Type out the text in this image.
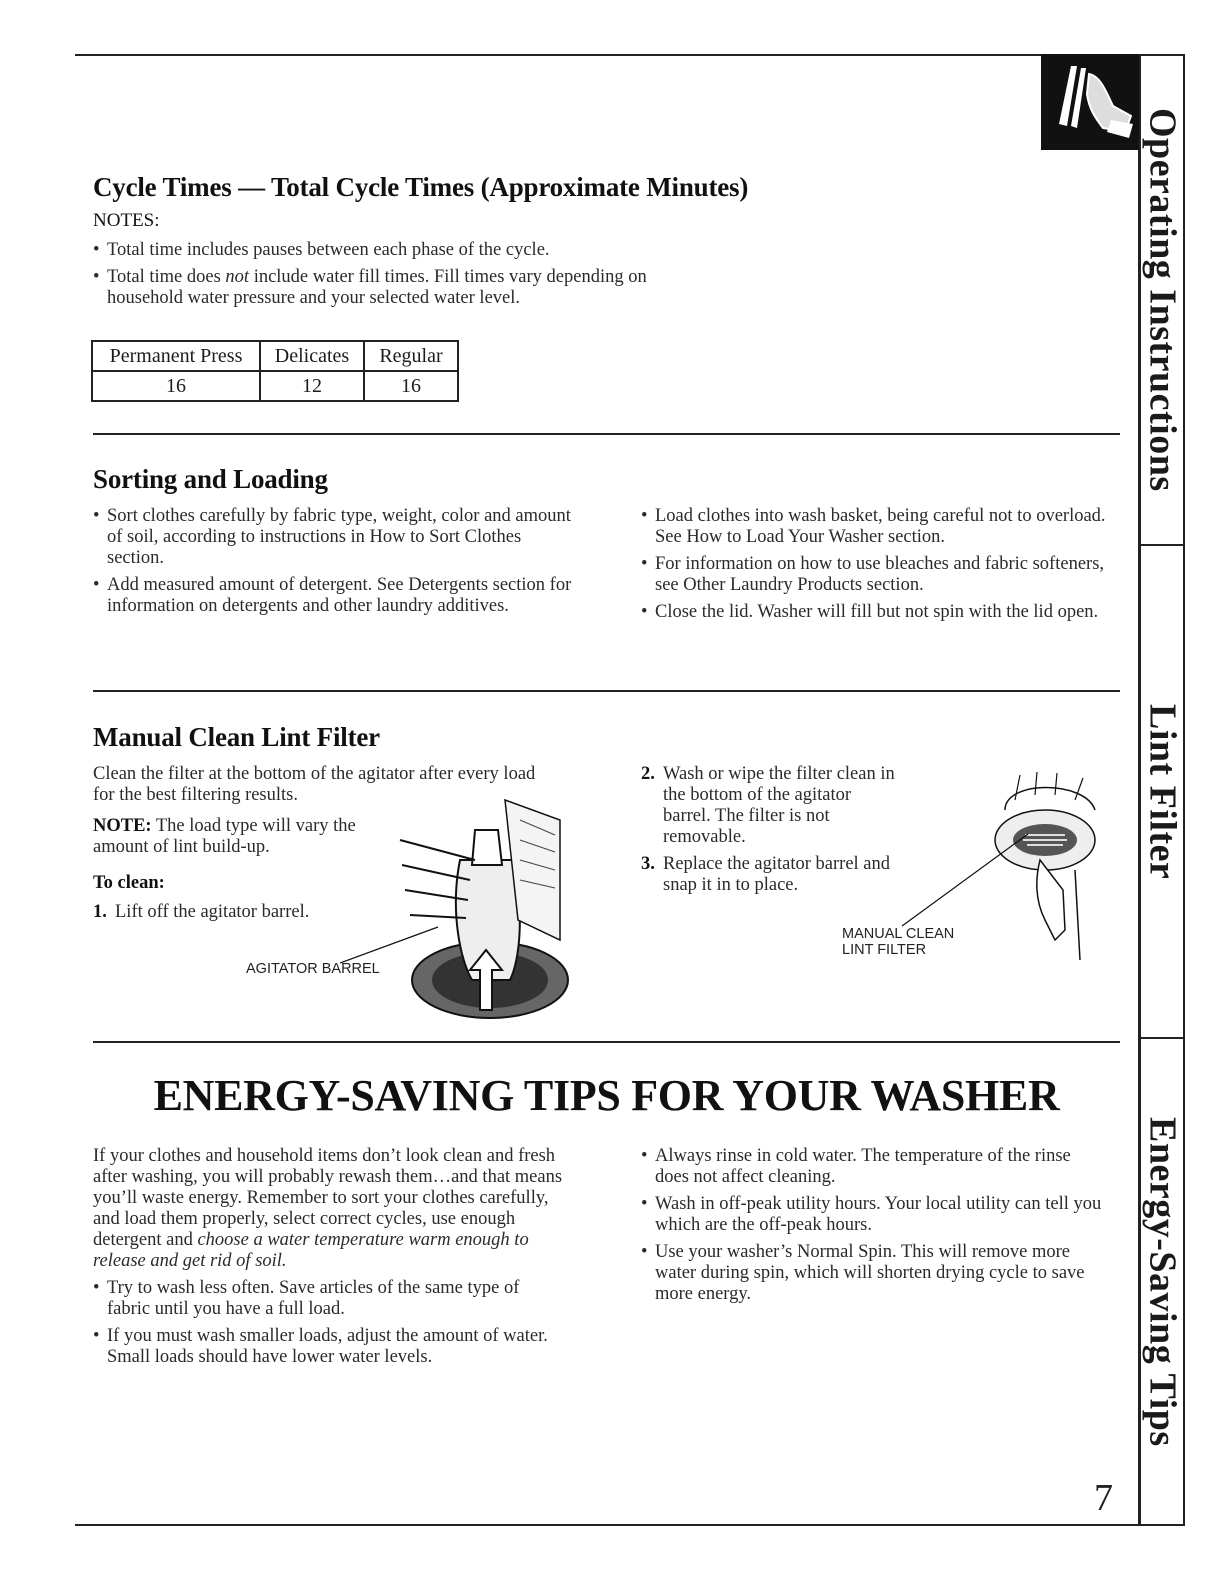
Operating Instructions
Lint Filter
Energy-Saving Tips
Cycle Times — Total Cycle Times (Approximate Minutes)
NOTES:
• Total time includes pauses between each phase of the cycle.
• Total time does not include water fill times. Fill times vary depending on household water pressure and your selected water level.
Permanent Press	Delicates	Regular
16	12	16
Sorting and Loading
• Sort clothes carefully by fabric type, weight, color and amount of soil, according to instructions in How to Sort Clothes section.
• Add measured amount of detergent. See Detergents section for information on detergents and other laundry additives.
• Load clothes into wash basket, being careful not to overload. See How to Load Your Washer section.
• For information on how to use bleaches and fabric softeners, see Other Laundry Products section.
• Close the lid. Washer will fill but not spin with the lid open.
Manual Clean Lint Filter
Clean the filter at the bottom of the agitator after every load for the best filtering results.
NOTE: The load type will vary the amount of lint build-up.
To clean:
1. Lift off the agitator barrel.
AGITATOR BARREL
2. Wash or wipe the filter clean in the bottom of the agitator barrel. The filter is not removable.
3. Replace the agitator barrel and snap it in to place.
MANUAL CLEAN
LINT FILTER
ENERGY-SAVING TIPS FOR YOUR WASHER
If your clothes and household items don’t look clean and fresh after washing, you will probably rewash them…and that means you’ll waste energy. Remember to sort your clothes carefully, and load them properly, select correct cycles, use enough detergent and choose a water temperature warm enough to release and get rid of soil.
• Try to wash less often. Save articles of the same type of fabric until you have a full load.
• If you must wash smaller loads, adjust the amount of water. Small loads should have lower water levels.
• Always rinse in cold water. The temperature of the rinse does not affect cleaning.
• Wash in off-peak utility hours. Your local utility can tell you which are the off-peak hours.
• Use your washer’s Normal Spin. This will remove more water during spin, which will shorten drying cycle to save more energy.
7
